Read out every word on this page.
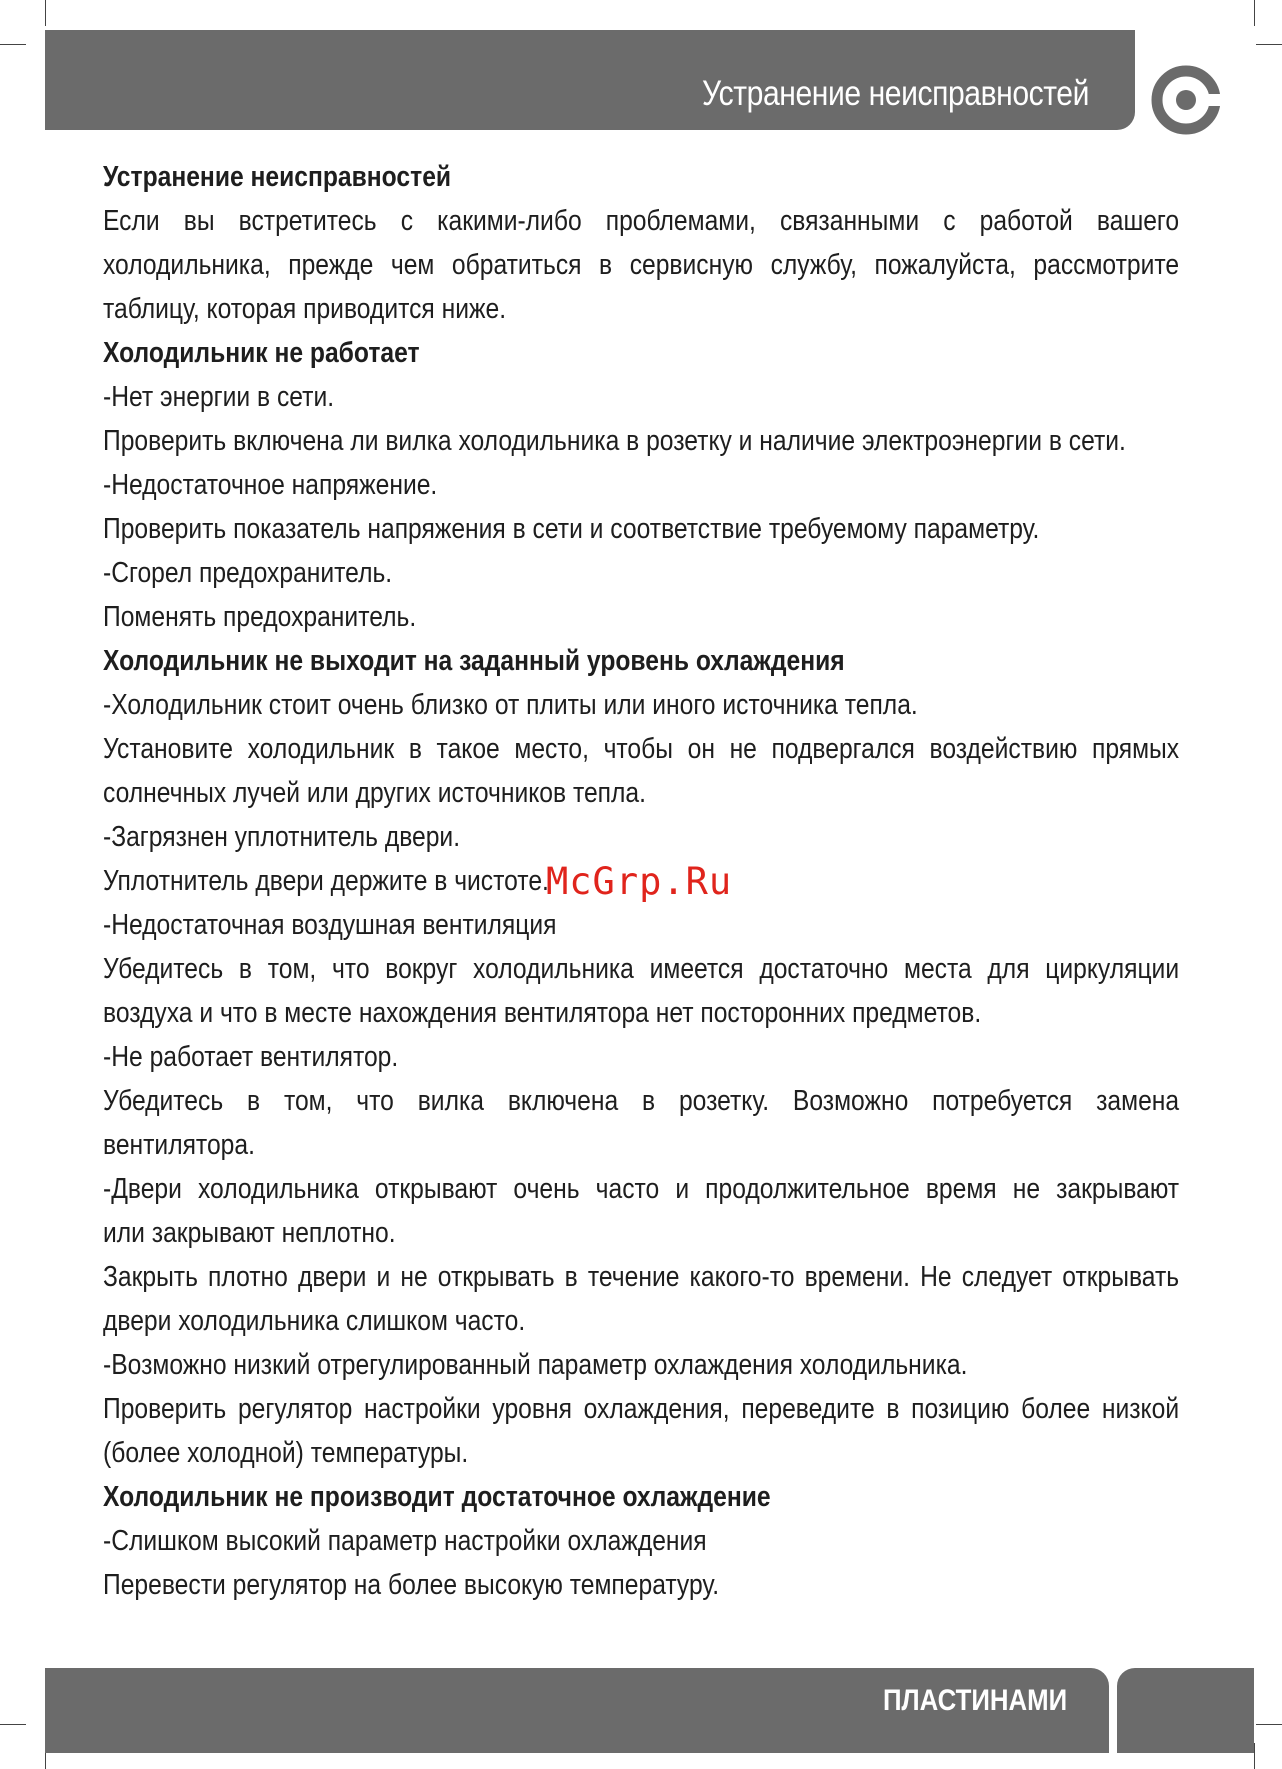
Устранение неисправностей
Устранение неисправностей
Если вы встретитесь с какими-либо проблемами, связанными с работой вашего
холодильника, прежде чем обратиться в сервисную службу, пожалуйста, рассмотрите
таблицу, которая приводится ниже.
Холодильник не работает
-Нет энергии в сети.
Проверить включена ли вилка холодильника в розетку и наличие электроэнергии в сети.
-Недостаточное напряжение.
Проверить показатель напряжения в сети и соответствие требуемому параметру.
-Сгорел предохранитель.
Поменять предохранитель.
Холодильник не выходит на заданный уровень охлаждения
-Холодильник стоит очень близко от плиты или иного источника тепла.
Установите холодильник в такое место, чтобы он не подвергался воздействию прямых
солнечных лучей или других источников тепла.
-Загрязнен уплотнитель двери.
Уплотнитель двери держите в чистоте.
-Недостаточная воздушная вентиляция
Убедитесь в том, что вокруг холодильника имеется достаточно места для циркуляции
воздуха и что в месте нахождения вентилятора нет посторонних предметов.
-Не работает вентилятор.
Убедитесь в том, что вилка включена в розетку. Возможно потребуется замена
вентилятора.
-Двери холодильника открывают очень часто и продолжительное время не закрывают
или закрывают неплотно.
Закрыть плотно двери и не открывать в течение какого-то времени. Не следует открывать
двери холодильника слишком часто.
-Возможно низкий отрегулированный параметр охлаждения холодильника.
Проверить регулятор настройки уровня охлаждения, переведите в позицию более низкой
(более холодной) температуры.
Холодильник не производит достаточное охлаждение
-Слишком высокий параметр настройки охлаждения
Перевести регулятор на более высокую температуру.
McGrp.Ru
ПЛАСТИНАМИ
